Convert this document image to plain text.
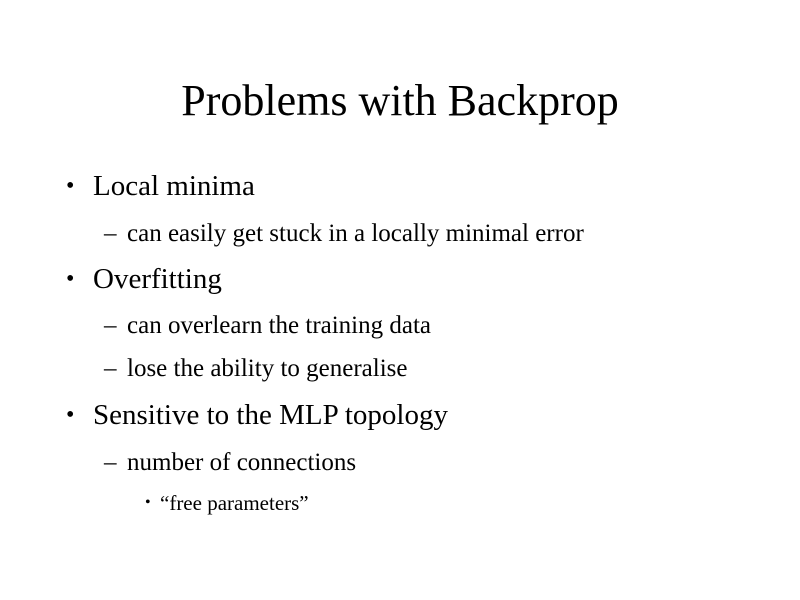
Problems with Backprop
• Local minima
– can easily get stuck in a locally minimal error
• Overfitting
– can overlearn the training data
– lose the ability to generalise
• Sensitive to the MLP topology
– number of connections
• “free parameters”
